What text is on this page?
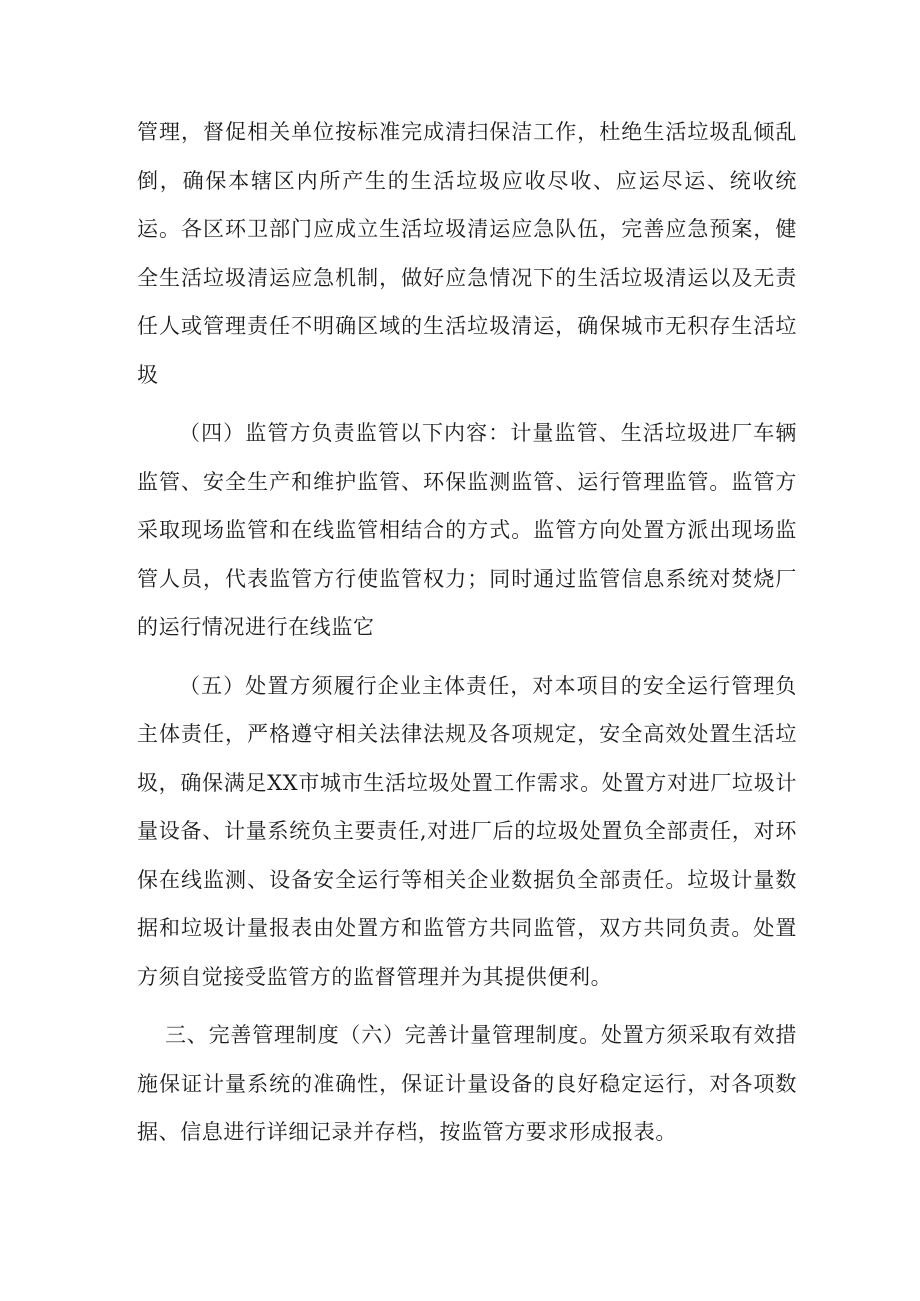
管理，督促相关单位按标准完成清扫保洁工作，杜绝生活垃圾乱倾乱倒，确保本辖区内所产生的生活垃圾应收尽收、应运尽运、统收统运。各区环卫部门应成立生活垃圾清运应急队伍，完善应急预案，健全生活垃圾清运应急机制，做好应急情况下的生活垃圾清运以及无责任人或管理责任不明确区域的生活垃圾清运，确保城市无积存生活垃圾

（四）监管方负责监管以下内容：计量监管、生活垃圾进厂车辆监管、安全生产和维护监管、环保监测监管、运行管理监管。监管方采取现场监管和在线监管相结合的方式。监管方向处置方派出现场监管人员，代表监管方行使监管权力；同时通过监管信息系统对焚烧厂的运行情况进行在线监它

（五）处置方须履行企业主体责任，对本项目的安全运行管理负主体责任，严格遵守相关法律法规及各项规定，安全高效处置生活垃圾，确保满足XX市城市生活垃圾处置工作需求。处置方对进厂垃圾计量设备、计量系统负主要责任,对进厂后的垃圾处置负全部责任，对环保在线监测、设备安全运行等相关企业数据负全部责任。垃圾计量数据和垃圾计量报表由处置方和监管方共同监管，双方共同负责。处置方须自觉接受监管方的监督管理并为其提供便利。

三、完善管理制度（六）完善计量管理制度。处置方须采取有效措施保证计量系统的准确性，保证计量设备的良好稳定运行，对各项数据、信息进行详细记录并存档，按监管方要求形成报表。
